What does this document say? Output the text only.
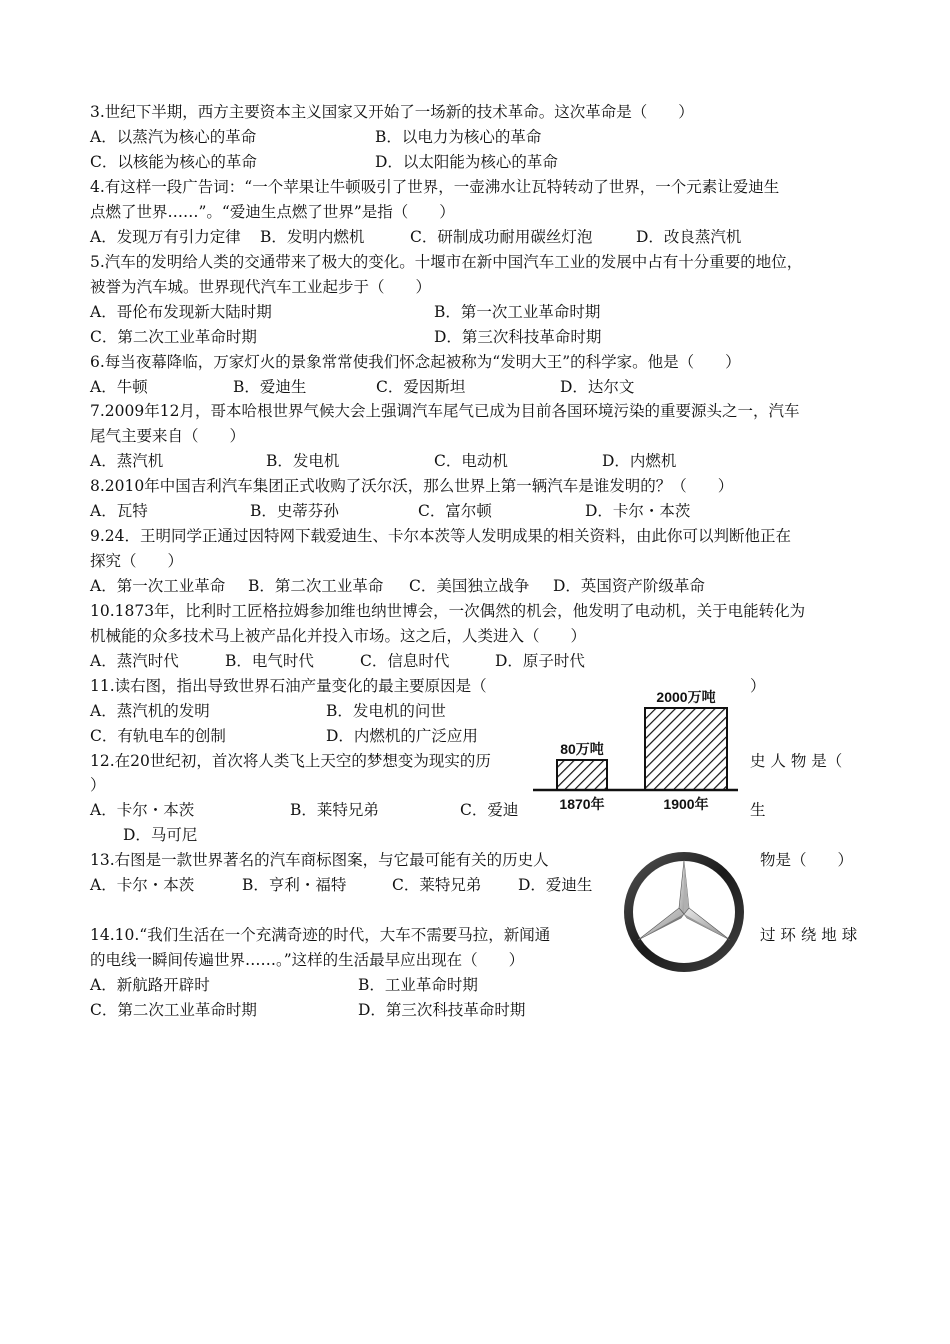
3.世纪下半期，西方主要资本主义国家又开始了一场新的技术革命。这次革命是（　　）
A．以蒸汽为核心的革命	B．以电力为核心的革命
C．以核能为核心的革命	D．以太阳能为核心的革命
4.有这样一段广告词：“一个苹果让牛顿吸引了世界，一壶沸水让瓦特转动了世界，一个元素让爱迪生
点燃了世界……”。“爱迪生点燃了世界”是指（　　）
A．发现万有引力定律 B．发明内燃机	C．研制成功耐用碳丝灯泡	D．改良蒸汽机
5.汽车的发明给人类的交通带来了极大的变化。十堰市在新中国汽车工业的发展中占有十分重要的地位，
被誉为汽车城。世界现代汽车工业起步于（　　）
A．哥伦布发现新大陆时期	B．第一次工业革命时期
C．第二次工业革命时期	D．第三次科技革命时期
6.每当夜幕降临，万家灯火的景象常常使我们怀念起被称为“发明大王”的科学家。他是（　　）
A．牛顿	B．爱迪生	C．爱因斯坦	D．达尔文
7.2009年12月，哥本哈根世界气候大会上强调汽车尾气已成为目前各国环境污染的重要源头之一，汽车
尾气主要来自（　　）
A．蒸汽机	B．发电机	C．电动机	D．内燃机
8.2010年中国吉利汽车集团正式收购了沃尔沃，那么世界上第一辆汽车是谁发明的？（　　）
A．瓦特	B．史蒂芬孙	C．富尔顿	D．卡尔・本茨
9.24．王明同学正通过因特网下载爱迪生、卡尔本茨等人发明成果的相关资料，由此你可以判断他正在
探究（　　）
A．第一次工业革命 B．第二次工业革命 C．美国独立战争 D．英国资产阶级革命
10.1873年，比利时工匠格拉姆参加维也纳世博会，一次偶然的机会，他发明了电动机，关于电能转化为
机械能的众多技术马上被产品化并投入市场。这之后，人类进入（　　）
A．蒸汽时代	B．电气时代	C．信息时代	D．原子时代
11.读右图，指出导致世界石油产量变化的最主要原因是（	）
A．蒸汽机的发明	B．发电机的问世
C．有轨电车的创制	D．内燃机的广泛应用
80万吨
1870年
2000万吨
1900年
12.在20世纪初，首次将人类飞上天空的梦想变为现实的历	史 人 物 是（
）
A．卡尔・本茨	B．莱特兄弟	C．爱迪	生
D．马可尼
13.右图是一款世界著名的汽车商标图案，与它最可能有关的历史人	物是（　　）
A．卡尔・本茨	B．亨利・福特	C．莱特兄弟 D．爱迪生
14.10.“我们生活在一个充满奇迹的时代，大车不需要马拉，新闻通	过 环 绕 地 球
的电线一瞬间传遍世界……。”这样的生活最早应出现在（　　）
A．新航路开辟时	B．工业革命时期
C．第二次工业革命时期	D．第三次科技革命时期
